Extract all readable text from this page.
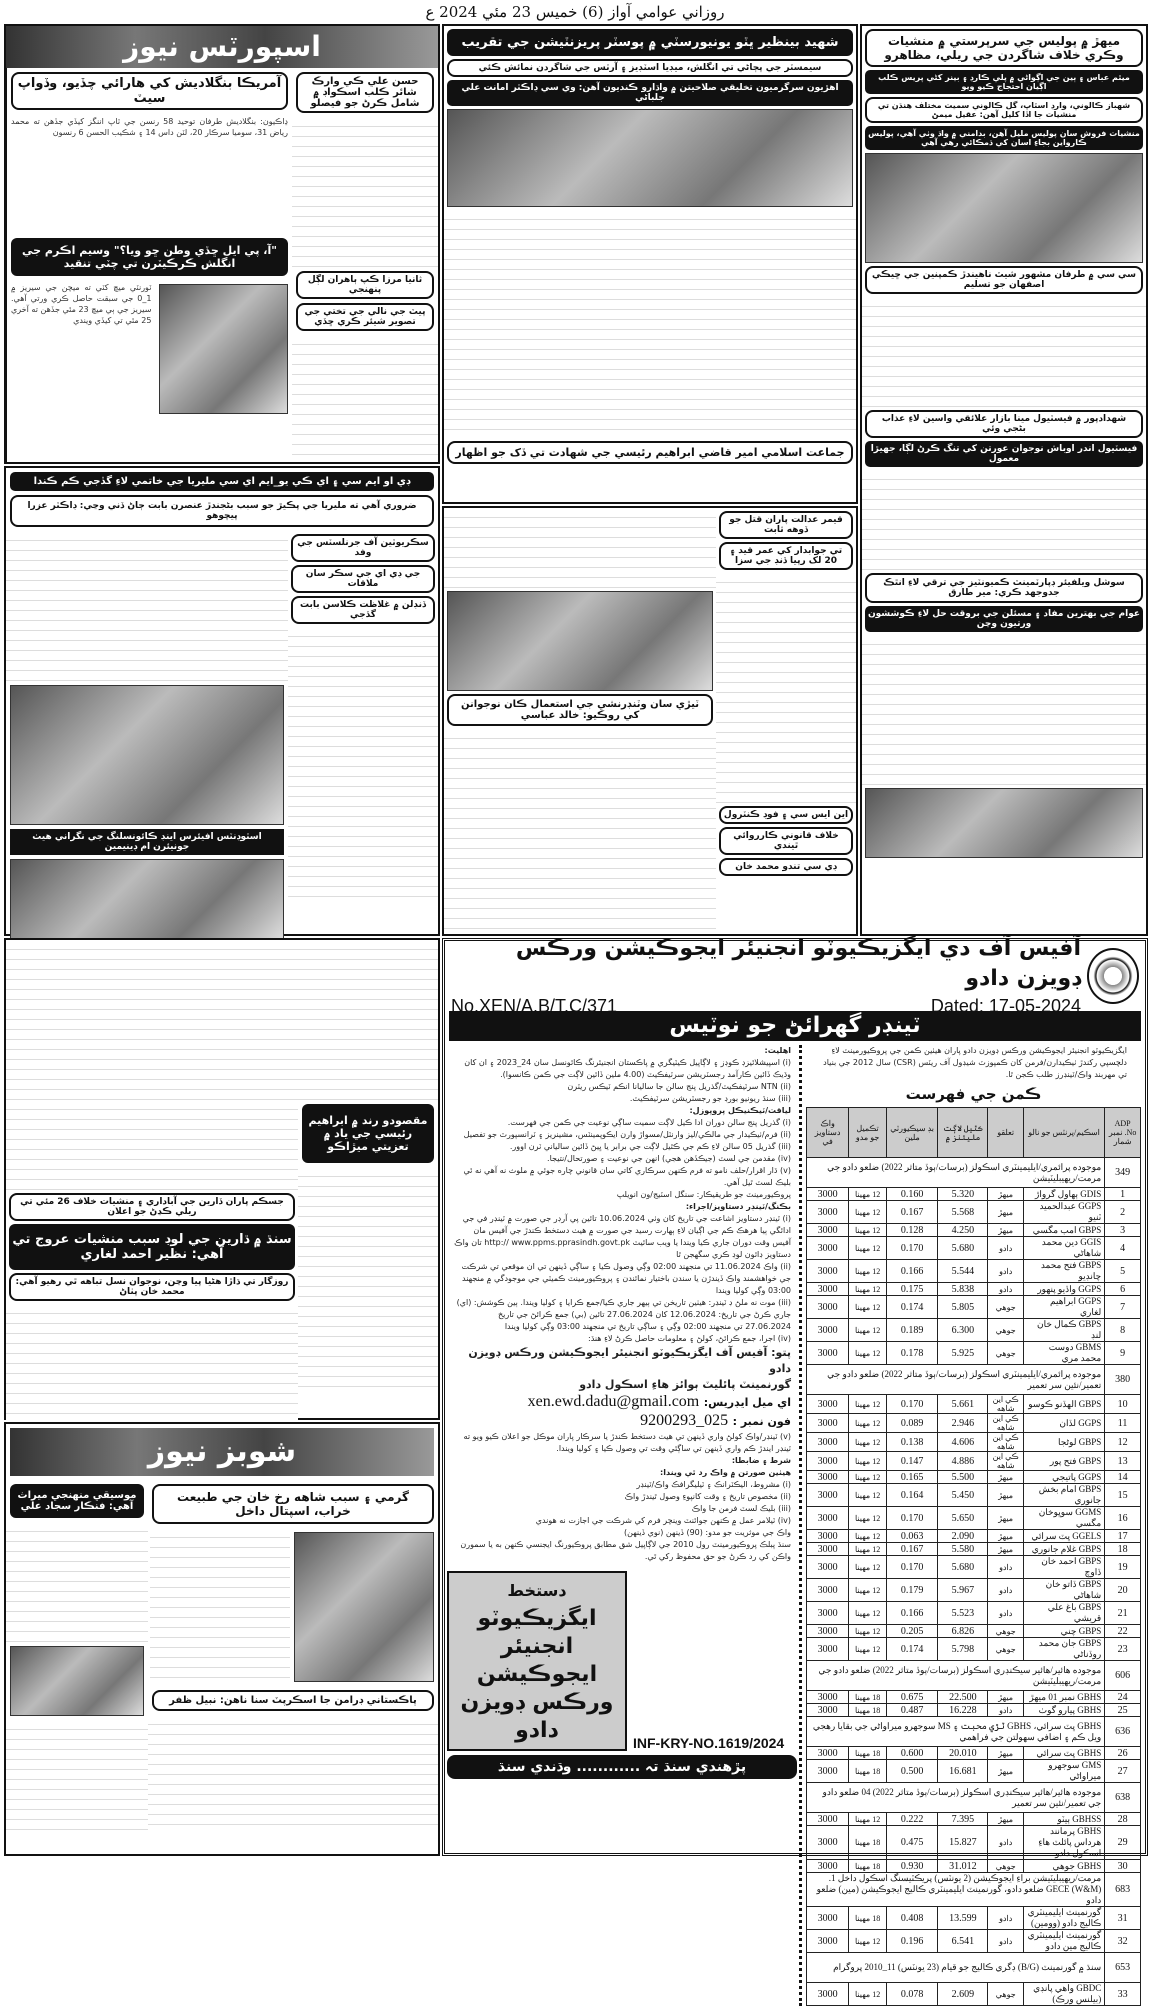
روزاني عوامي آواز (6) خميس 23 مئي 2024 ع
اسپورٽس نيوز
آمريڪا بنگلاديش کي هارائي چڏيو، وڏواپ سيٽ
ڍاڪيون: بنگلاديش طرفان توحيد 58 رنسن جي ٽاپ اننگز کيڏي جڏهن ته محمد رياض 31، سوميا سرڪار 20، لٽن داس 14 ۽ شڪيب الحسن 6 رنسون
"آ، پي ايل ڇڏي وطن ڇو ويا؟" وسيم اڪرم جي انگلش ڪرڪيٽرن تي چٽي تنقيد
ٽورنٽي ميچ کٽي ته ميچن جي سيريز ۾ 1_0 جي سبقت حاصل ڪري ورتي آهي. سيريز جي ٻي ميچ 23 مئي جڏهن ته آخري 25 مئي تي کيڏي ويندي
حسن علي ڪي وارڪ شائر ڪلب اسڪواڊ ۾ شامل ڪرڻ جو فيصلو
ثانيا مرزا ڪپ ٻاهران لڳل پنهنجي
پيٽ جي نالي جي تختي جي تصوير شيئر ڪري ڇڏي
ڊي او ايم سي ۽ اي ڪي يو_ايم اي سي مليريا جي خاتمي لاءِ گڏجي ڪم ڪندا
ضروري آهي ته مليريا جي پڪيڙ جو سبب بڻجندڙ عنصرن بابت ڄاڻ ڏني وڃي: ڊاڪٽر عزرا پيچوهو
سڪريوٽين آف جرنلسٽس جي وفد
جي ڊي اي جي سڪر سان ملاقات
ڏنڊلن ۾ غلاظت ڪلاسن بابت گڏجي
اسٽوڊنٽس افيئرس اينڊ ڪائونسلنگ جي نگراني هيٺ جونيئرن ام ڊينيمين
مقصودو رند ۾ ابراهيم رئيسي جي ياد ۾ تعزيتي ميڙاڪو
جسڪم پاران ڏارين جي آباداري ۽ منشيات خلاف 26 مئي تي ريلي ڪڍڻ جو اعلان
سنڌ ۾ ڌارين جي لوڊ سبب منشيات عروج تي آهي: نظير احمد لغاري
روزگار تي ڌاڙا هڻيا پيا وڃن، نوجوان نسل تباهه ٿي رهيو آهي: محمد خان پٺاڻ
شوبز نيوز
گرمي ۽ سبب شاهه رخ خان جي طبيعت خراب، اسپتال داخل
پاڪستاني ڊرامن جا اسڪرپٽ سنا ناهن: نبيل ظفر
موسيقي منهنجي ميراث آهي: فنڪار سجاد علي
شهيد بينظير ڀٽو يونيورسٽي ۾ پوسٽر پريزنٽيشن جي تقريب
سيمسٽر جي پڄاڻي تي انگلش، ميڊيا اسٽڊيز ۽ آرٽس جي شاگردن نمائش ڪئي
اهڙيون سرگرميون تخليقي صلاحيتن ۾ واڌارو ڪنديون آهن: وي سي ڊاڪٽر امانت علي جلباڻي
جماعت اسلامي امير قاضي ابراهيم رئيسي جي شهادت تي ڏک جو اظهار
قيمر عدالت پاران قتل جو ڏوهه ثابت
تي جوابدار کي عمر قيد ۽ 20 لک رپيا ڏنڊ جي سزا
اين ايس سي ۽ فوڊ ڪنٽرول
خلاف قانوني ڪارروائي ٿيندي
ڊي سي تندو محمد خان
ٽيڙي سان وٽنڊرنشي جي استعمال ڪان نوجوانن کي روڪيو: خالد عباسي
ميهڙ ۾ پوليس جي سرپرستي ۾ منشيات وڪري خلاف شاگردن جي ريلي، مظاهرو
ميٿم عباس ۽ ٻين جي اڳواڻي ۾ پلي ڪارڊ ۽ بينر کڻي پريس ڪلب اڳيان احتجاج ڪيو ويو
شهباز ڪالوني، وارڊ اسٽاپ، گل ڪالوني سميت مختلف هنڌن تي منشيات جا اڏا کليل آهن: عقيل ميمڻ
منشيات فروش سان پوليس مليل آهن، بدامني ۾ واڌ وٺي آهي، پوليس ڪارواين بجاءِ اسان کي ڌمڪائي رهي آهي
سي سي ۾ طرفان مشهور شيٽ ناهيندڙ ڪمپنين جي ڇيڪي اصفهان جو تسليم
شهدادپور ۾ فيسٽيول مينا بازار علائقي واسين لاءِ عذاب بڻجي وئي
فيسٽيول اندر اوباش نوجوان عورتن کي تنگ ڪرڻ لڳا، جهيڙا معمول
سوشل ويلفيئر ڊپارٽمينٽ ڪميونٽيز جي ترقي لاءِ انٿڪ جدوجهد ڪري: مير طارق
عوام جي بهترين مفاد ۽ مسئلن جي بروقت حل لاءِ ڪوششون ورتيون وڃن
آفيس آف دي ايگزيڪيوٽو انجنيئر ايجوڪيشن ورڪس ڊويزن دادو
No.XEN/A.B/T.C/371	Dated: 17-05-2024
ٽينڊر گهرائڻ جو نوٽيس
ايگزيڪيوٽو انجنيئر ايجوڪيشن ورڪس ڊويزن دادو پاران هيٺين ڪمن جي پروڪيورمينٽ لاءِ دلچسپي رکندڙ ٺيڪيدارن/فرمن کان ڪمپوزٽ شيڊول آف ريٽس (CSR) سال 2012 جي بنياد تي مهربند واڪ/ٽينڊرز طلب ڪجن ٿا.
ڪمن جي فهرست
ADP No. نمبر شمار	اسڪيم/پرنٽس جو نالو	تعلقو	ڪٿيل لاڳت مليئنز ۾	بڊ سيڪيورٽي ملين	تڪميل جو مدو	واڪ دستاويز في
349	موجوده پرائمري/ايليمينٽري اسڪولز (برسات/ٻوڏ متاثر 2022) ضلعو دادو جي مرمت/ريهيبليٽيشن					
1	GDIS ٻهاول گرواڙ	ميهڙ	5.320	0.160	12 مهينا	3000
2	GGPS عبدالحميد ٽنيو	ميهڙ	5.568	0.167	12 مهينا	3000
3	GBPS امب مگسي	ميهڙ	4.250	0.128	12 مهينا	3000
4	GGIS دين محمد شاهاڻي	دادو	5.680	0.170	12 مهينا	3000
5	GBPS فتح محمد چانڊيو	دادو	5.544	0.166	12 مهينا	3000
6	GGPS واڏيو پنهور	دادو	5.838	0.175	12 مهينا	3000
7	GGPS ابراهيم لغاري	جوهي	5.805	0.174	12 مهينا	3000
8	GBPS ڪمال خان لنڊ	جوهي	6.300	0.189	12 مهينا	3000
9	GBMS دوست محمد مري	جوهي	5.925	0.178	12 مهينا	3000
380	موجوده پرائمري/ايليمينٽري اسڪولز (برسات/ٻوڏ متاثر 2022) ضلعو دادو جي تعمير/نئين سر تعمير					
10	GBPS الهڏنو ڪوسو	ڪي اين شاهه	5.661	0.170	12 مهينا	3000
11	GGPS لڏان	ڪي اين شاهه	2.946	0.089	12 مهينا	3000
12	GBPS لوڻجا	ڪي اين شاهه	4.606	0.138	12 مهينا	3000
13	GBPS فتح پور	ڪي اين شاهه	4.886	0.147	12 مهينا	3000
14	GGPS پاتيجي	ميهڙ	5.500	0.165	12 مهينا	3000
15	GBPS امام بخش جانوري	ميهڙ	5.450	0.164	12 مهينا	3000
16	GGMS سوڀوخان مگسي	ميهڙ	5.650	0.170	12 مهينا	3000
17	GGELS ڀٽ سرائي	ميهڙ	2.090	0.063	12 مهينا	3000
18	GBPS غلام جانوري	ميهڙ	5.580	0.167	12 مهينا	3000
19	GBPS احمد خان ڏاوچ	دادو	5.680	0.170	12 مهينا	3000
20	GBPS ڏاتو خان شاهاڻي	دادو	5.967	0.179	12 مهينا	3000
21	GBPS باغ علي قريشي	دادو	5.523	0.166	12 مهينا	3000
22	GBPS چني	جوهي	6.826	0.205	12 مهينا	3000
23	GBPS جان محمد روڏناڻي	جوهي	5.798	0.174	12 مهينا	3000
606	موجوده هائير/هائير سيڪنڊري اسڪولز (برسات/ٻوڏ متاثر 2022) ضلعو دادو جي مرمت/ريهيبليٽيشن					
24	GBHS نمبر 01 ميهڙ	ميهڙ	22.500	0.675	18 مهينا	3000
25	GBHS پيارو گوٺ	دادو	16.228	0.487	18 مهينا	3000
636	GBHS ڀٽ سرائي، GBHS ٽڙي محبت ۽ MS سوجهرو ميراواڻي جي بقايا رهجي ويل ڪم ۽ اضافي سهولتن جي فراهمي					
26	GBHS ڀٽ سرائي	ميهڙ	20.010	0.600	18 مهينا	3000
27	GMS سوجهرو ميراواڻي	ميهڙ	16.681	0.500	18 مهينا	3000
638	موجوده هائير/هائير سيڪنڊري اسڪولز (برسات/ٻوڏ متاثر 2022) 04 ضلعو دادو جي تعمير/نئين سر تعمير					
28	GBHSS ٻيٽو	ميهڙ	7.395	0.222	12 مهينا	3000
29	GBHS پرمانند هرداس پائلٽ هاءِ اسڪول دادو	دادو	15.827	0.475	18 مهينا	3000
30	GBHS جوهي	جوهي	31.012	0.930	18 مهينا	3000
683	مرمت/ريهيبليٽيشن براءِ ايجوڪيشن (2 يونٽس) پريڪٽيسنگ اسڪول داخل 1. GECE (W&M) ضلعو دادو، گورنمينٽ ايليمينٽري ڪاليج ايجوڪيشن (مين) ضلعو دادو					
31	گورنمينٽ ايليمينٽري ڪاليج دادو (وومين)	دادو	13.599	0.408	18 مهينا	3000
32	گورنمينٽ ايليمينٽري ڪاليج مين دادو	دادو	6.541	0.196	12 مهينا	3000
653	سنڌ ۾ گورنمينٽ (B/G) ڊگري ڪاليج جو قيام (23 يونٽس) 11_2010 پروگرام					
33	GBDC واهي پانڊي (بيلنس ورڪ)	جوهي	2.609	0.078	12 مهينا	3000
اهليت:
(i) اسپيشلائيزڊ ڪوڊز ۽ لاڳاپيل ڪيٽيگري ۾ پاڪستان انجنيئرنگ ڪائونسل سان 24_2023 ۽ ان کان وڌيڪ ڏائين ڪارآمد رجسٽريشن سرٽيفڪيٽ (4.00 ملين ڏائين لاڳت جي ڪمن ڪانسوا).
(ii) NTN سرٽيفڪيٽ/گذريل پنج سالن جا ساليانا انڪم ٽيڪس ريٽرن
(iii) سنڌ ريونيو بورڊ جو رجسٽريشن سرٽيفڪيٽ.
لياقت/ٽيڪنيڪل پروپوزل:
(i) گذريل پنج سالن دوران ادا ڪيل لاڳت سميت ساڳي نوعيت جي ڪمن جي فهرست.
(ii) فرم/ٺيڪيدار جي مالڪي/ليز وارنٽل/مسواڙ وارن ايڪوپمينٽس، مشينريز ۽ ٽرانسپورٽ جو تفصيل
(iii) گذريل 05 سالن لاءِ ڪم جي ڪٿيل لاڳت جي برابر يا ڀيڻ ڏائين سالياني ٽرن اوور.
(iv) مقدمن جي لسٽ (جيڪڏهن هجي) انهن جي نوعيت ۽ صورتحال/نتيجا.
(v) ڌار اقرار/حلف نامو ته فرم ڪنهن سرڪاري کاتي سان قانوني چاره جوئي ۾ ملوث نه آهي نه ئي بليڪ لسٽ ٿيل آهي.
پروڪيورمينٽ جو طريقيڪار: سنگل اسٽيج/ون انويلپ
بڪنگ/ٽينڊر دستاويز/اجراء:
(i) ٽينڊر دستاويز اشاعت جي تاريخ کان وٺي 10.06.2024 تائين پي آرڊر جي صورت ۾ ٽينڊر في جي ادائگي ٻيا هرهڪ ڪم جي اڳيان لاءِ ٻهارت رسيد جي صورت ۾ هيٺ دستخط ڪندڙ جي آفيس مان آفيس وقت دوران جاري ڪيا ويندا يا ويب سائيٽ http:// www.ppms.pprasindh.govt.pk تان واڪ دستاويز ڊائون لوڊ ڪري سگهجن ٿا
(ii) واڪ 11.06.2024 تي منجهند 02:00 وڳي وصول ڪيا ۽ ساڳي ڏينهن تي ان موقعي تي شرڪت جي خواهشمند واڪ ڏيندڙن يا سندن باختيار نمائندن ۽ پروڪيورمينٽ ڪميٽي جي موجودگي ۾ منجهند 03:00 وڳي کوليا ويندا
(iii) موت نه ملڻ ڊ ٽينڊر: هيٺين تاريخن تي ٻيهر جاري ڪيا/جمع ڪرايا ۽ کوليا ويندا. ٻين ڪوشش: (اي) جاري ڪرڻ جي تاريخ: 12.06.2024 کان 27.06.2024 تائين (بي) جمع ڪرائڻ جي تاريخ 27.06.2024 تي منجهند 02:00 وڳي ۽ ساڳي تاريخ تي منجهند 03:00 وڳي کوليا ويندا
(iv) اجرا، جمع ڪرائڻ، کولڻ ۽ معلومات حاصل ڪرڻ لاءِ هنڌ:
پتو: آفيس آف ايگزيڪيوٽو انجنيئر ايجوڪيشن ورڪس ڊويزن دادو
گورنمينٽ پائليٽ ٻوائز هاءِ اسڪول دادو
اي ميل ايڊريس: xen.ewd.dadu@gmail.com
فون نمبر : 025_9200293
(v) ٽينڊر/واڪ کولڻ واري ڏينهن تي هيٺ دستخط ڪندڙ يا سرڪار پاران موڪل جو اعلان ڪيو ويو ته ٽينڊر ايندڙ ڪم واري ڏينهن تي ساڳئي وقت تي وصول ڪيا ۽ کوليا ويندا.
شرط ۽ ضابطا:
هيٺين صورتن ۾ واڪ رد ٿي ويندا:
(i) مشروط، اليڪٽرانڪ ۽ ٽيليگرافڪ واڪ/ٽينڊر
(ii) مخصوص تاريخ ۽ وقت کانپوءِ وصول ٿيندڙ واڪ
(iii) بليڪ لسٽ فرمن جا واڪ
(iv) ٽيلامر عمل ۾ ڪنهن جوائنٽ وينچر فرم کي شرڪت جي اجازت نه هوندي
واڪ جي موثريت جو مدو: (90) ڏينهن (نوي ڏينهن)
سنڌ پبلڪ پروڪيورمينٽ رول 2010 جي لاڳاپيل شق مطابق پروڪيورنگ ايجنسي ڪنهن به يا سمورن واڪن کي رد ڪرڻ جو حق محفوظ رکي ٿي.
دستخط
ايگزيڪيوٽو انجنيئر
ايجوڪيشن ورڪس ڊويزن
دادو	INF-KRY-NO.1619/2024
پڙهندي سنڌ تہ ............ وڌندي سنڌ
